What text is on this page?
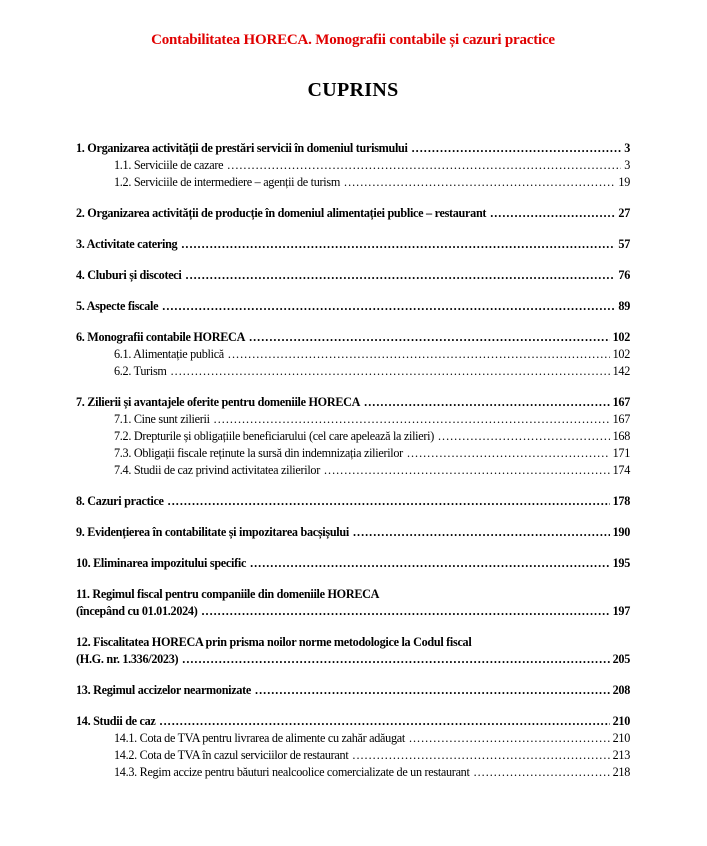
Contabilitatea HORECA. Monografii contabile și cazuri practice
CUPRINS
1. Organizarea activității de prestări servicii în domeniul turismului .....	3
1.1. Serviciile de cazare .....	3
1.2. Serviciile de intermediere – agenții de turism .....	19
2. Organizarea activității de producție în domeniul alimentației publice – restaurant .....	27
3. Activitate catering .....	57
4. Cluburi și discoteci .....	76
5. Aspecte fiscale .....	89
6. Monografii contabile HORECA .....	102
6.1. Alimentație publică .....	102
6.2. Turism .....	142
7. Zilierii și avantajele oferite pentru domeniile HORECA .....	167
7.1. Cine sunt zilierii .....	167
7.2. Drepturile și obligațiile beneficiarului (cel care apelează la zilieri) .....	168
7.3. Obligații fiscale reținute la sursă din indemnizația zilierilor .....	171
7.4. Studii de caz privind activitatea zilierilor .....	174
8. Cazuri practice .....	178
9. Evidențierea în contabilitate și impozitarea bacșișului .....	190
10. Eliminarea impozitului specific .....	195
11. Regimul fiscal pentru companiile din domeniile HORECA
(începând cu 01.01.2024) .....	197
12. Fiscalitatea HORECA prin prisma noilor norme metodologice la Codul fiscal
(H.G. nr. 1.336/2023) .....	205
13. Regimul accizelor nearmonizate .....	208
14. Studii de caz .....	210
14.1. Cota de TVA pentru livrarea de alimente cu zahăr adăugat .....	210
14.2. Cota de TVA în cazul serviciilor de restaurant .....	213
14.3. Regim accize pentru băuturi nealcoolice comercializate de un restaurant .....	218
